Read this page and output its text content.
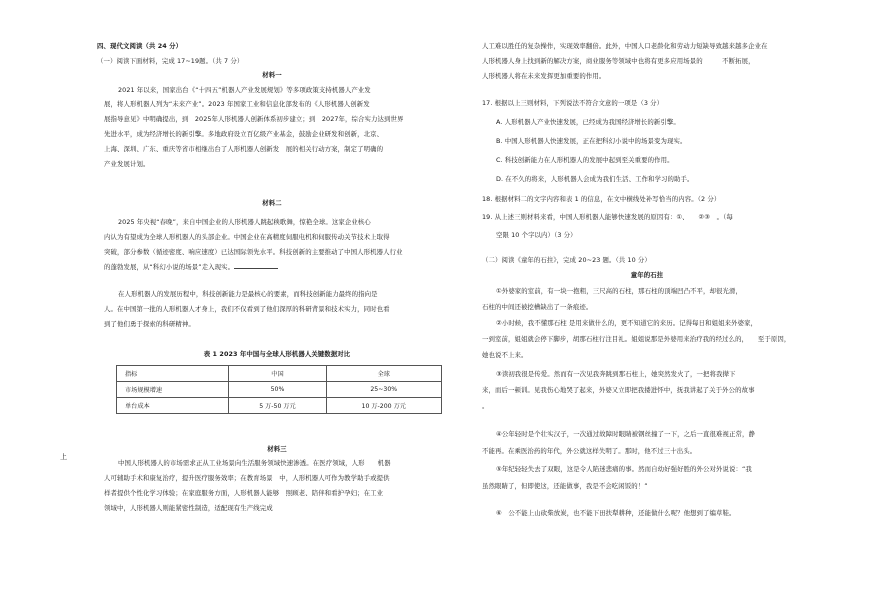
四、现代文阅读（共 24 分）
（一）阅读下面材料，完成 17~19题。（共 7 分）
材料一
2021 年以来，国家出台《“十四五”机器人产业发展规划》等多项政策支持机器人产业发
展，将人形机器人列为“未来产业”。2023 年国家工业和信息化部发布的《人形机器人创新发
展指导意见》中明确提出，到　2025年人形机器人创新体系初步建立；到　2027年，综合实力达到世界
先进水平，成为经济增长的新引擎。多地政府设立百亿级产业基金，鼓励企业研发和创新，北京、
上海、深圳、广东、重庆等省市相继出台了人形机器人创新发　展的相关行动方案，制定了明确的
产业发展计划。
材料二
2025 年央视“春晚”，来自中国企业的人形机器人跳起秧歌舞，惊艳全球。这家企业核心
内认为有望成为全球人形机器人的头部企业。中国企业在高精度伺服电机和伺服传动关节技术上取得
突破，部分参数（循迹密度、响应速度）已达国际领先水平。科技创新的主要推动了中国人形机器人行业
的蓬勃发展，从“科幻小说的场景”走入现实。
在人形机器人的发展历程中，科技创新能力是最核心的要素，而科技创新能力最终的指向是
人。在中国第一批的人形机器人才身上，我们不仅看到了他们深厚的科研背景和技术实力，同时也看
到了他们勇于探索的科研精神。
表 1 2023 年中国与全球人形机器人关键数据对比
指标	中国	全球
市场规模增速	50%	25~30%
单台成本	5 万-50 万元	10 万-200 万元
材料三
中国人形机器人的市场需求正从工业场景向生活服务领域快速渗透。在医疗领域，人形　　机器
人可辅助手术和康复治疗，提升医疗服务效率；在教育场景　中，人形机器人可作为教学助手或提供
样者提供个性化学习体验；在家庭服务方面，人形机器人能够　照顾老、陪伴和看护孕妇；在工业
领域中，人形机器人则能紧密性制造，适配现有生产线完成
上
人工难以胜任的复杂操作，实现效率翻倍。此外，中国人口老龄化和劳动力短缺导致越来越多企业在
人形机器人身上找到新的解决方案，商业服务等领域中也将有更多应用场景的　　　不断拓展，
人形机器人将在未来发挥更加重要的作用。
17. 根据以上三则材料，下列说法不符合文意的一项是（3 分）
A. 人形机器人产业快速发展，已经成为我国经济增长的新引擎。
B. 中国人形机器人快速发展，正在把科幻小说中的场景变为现实。
C. 科技创新能力在人形机器人的发展中起到至关重要的作用。
D. 在不久的将来，人形机器人会成为我们生活、工作和学习的助手。
18. 根据材料二的文字内容和表 1 的信息，在文中横线处补写恰当的内容。（2 分）
19. 从上述三则材料来看，中国人形机器人能够快速发展的原因有：①、　　②③　。（每
空限 10 个字以内）（3 分）
（二）阅读《童年的石拄》，完成 20~23 题。（共 10 分）
童年的石拄
①外婆家的室前，有一块一抱粗，三尺高的石柱，那石柱的顶端凹凸不平，却很光滑，
石柱的中间还被挖槽缺出了一条痕迹。
②小时候，我不懂那石柱 是用来做什么的，更不知道它的来历。记得每日和姐姐来外婆家，
一到室前，姐姐就会停下脚步，胡那石柱行注目礼。姐姐说那是外婆用来治疗我的经过么的，　　至于原因，
她也说不上来。
③读初我很是传爱。然而有一次见我奔跳到那石柱上，她突然发火了，一把将我撵下
来，而后一顿训。见我伤心地哭了起来，外婆又立即把我搂进怀中，抚我讲起了关于外公的故事
。
④公年轻时是个壮实汉子，一次通过故障时眼睛被钢丝撞了一下，之后一直很难视正常，静
不能再。在乘医治药的年代，外公就这样失明了。那时，他不过三十出头。
⑤年纪轻轻失去了双眼，这是令人陷迷悲痛的事。然而自幼好强好胜的外公对外说说：“我
虽然眼睛了，但即使这，还能做事，我是不会吃闲饭的！”
⑥　公不能上山砍柴放炭，也不能下田扶犁耕种，还能做什么呢？他想到了编草鞋。
